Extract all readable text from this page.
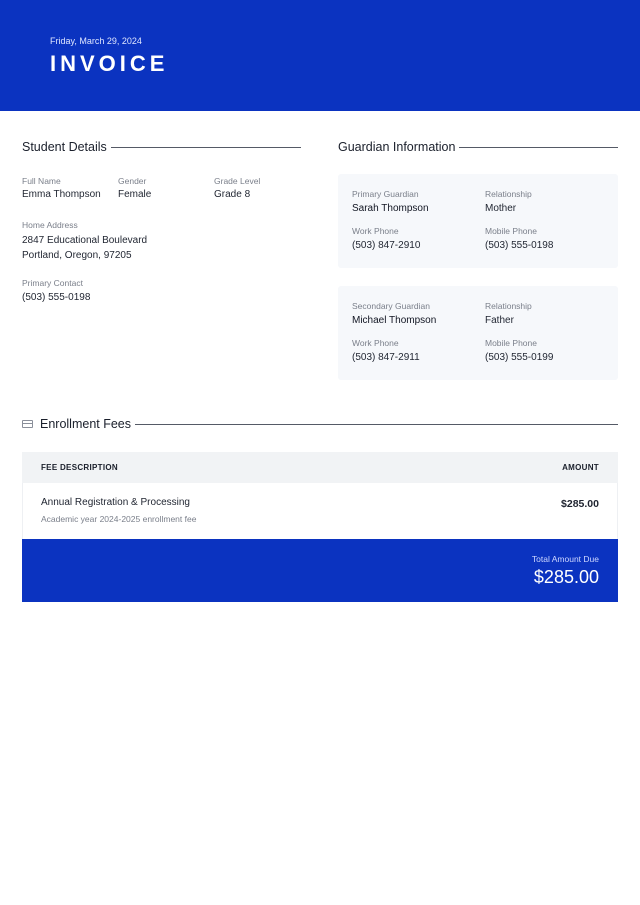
Friday, March 29, 2024
INVOICE
Student Details
Full Name
Emma Thompson
Gender
Female
Grade Level
Grade 8
Home Address
2847 Educational Boulevard
Portland, Oregon, 97205
Primary Contact
(503) 555-0198
Guardian Information
Primary Guardian
Sarah Thompson
Relationship
Mother
Work Phone
(503) 847-2910
Mobile Phone
(503) 555-0198
Secondary Guardian
Michael Thompson
Relationship
Father
Work Phone
(503) 847-2911
Mobile Phone
(503) 555-0199
Enrollment Fees
FEE DESCRIPTION	AMOUNT
Annual Registration & Processing
Academic year 2024-2025 enrollment fee
$285.00
Total Amount Due
$285.00
